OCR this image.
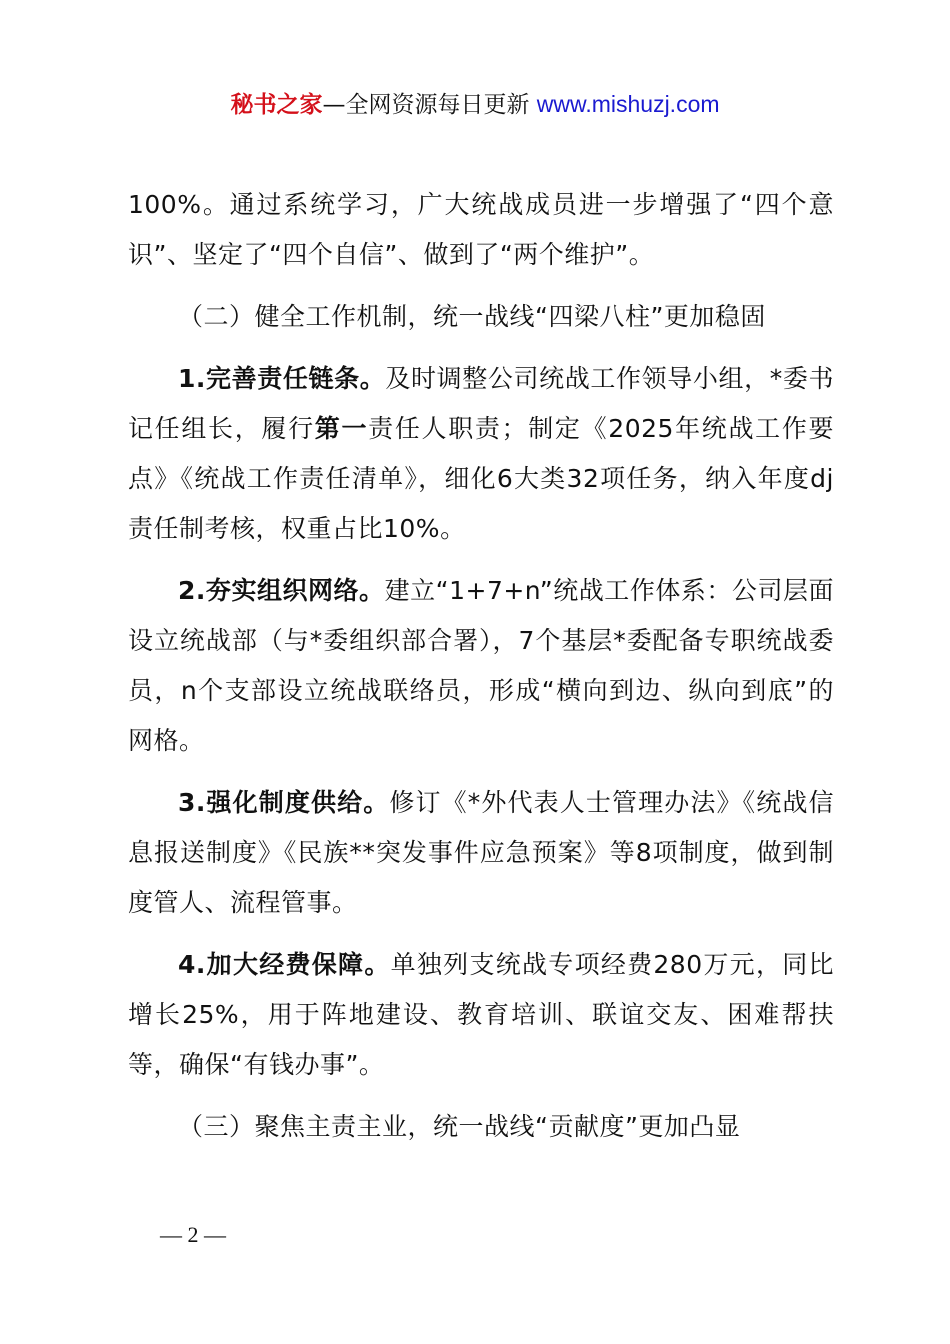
秘书之家—全网资源每日更新 www.mishuzj.com

100%。通过系统学习，广大统战成员进一步增强了“四个意识”、坚定了“四个自信”、做到了“两个维护”。

（二）健全工作机制，统一战线“四梁八柱”更加稳固

1.完善责任链条。及时调整公司统战工作领导小组，*委书记任组长，履行第一责任人职责；制定《2025年统战工作要点》《统战工作责任清单》，细化6大类32项任务，纳入年度dj责任制考核，权重占比10%。

2.夯实组织网络。建立“1+7+n”统战工作体系：公司层面设立统战部（与*委组织部合署），7个基层*委配备专职统战委员，n个支部设立统战联络员，形成“横向到边、纵向到底”的网格。

3.强化制度供给。修订《*外代表人士管理办法》《统战信息报送制度》《民族**突发事件应急预案》等8项制度，做到制度管人、流程管事。

4.加大经费保障。单独列支统战专项经费280万元，同比增长25%，用于阵地建设、教育培训、联谊交友、困难帮扶等，确保“有钱办事”。

（三）聚焦主责主业，统一战线“贡献度”更加凸显

— 2 —
